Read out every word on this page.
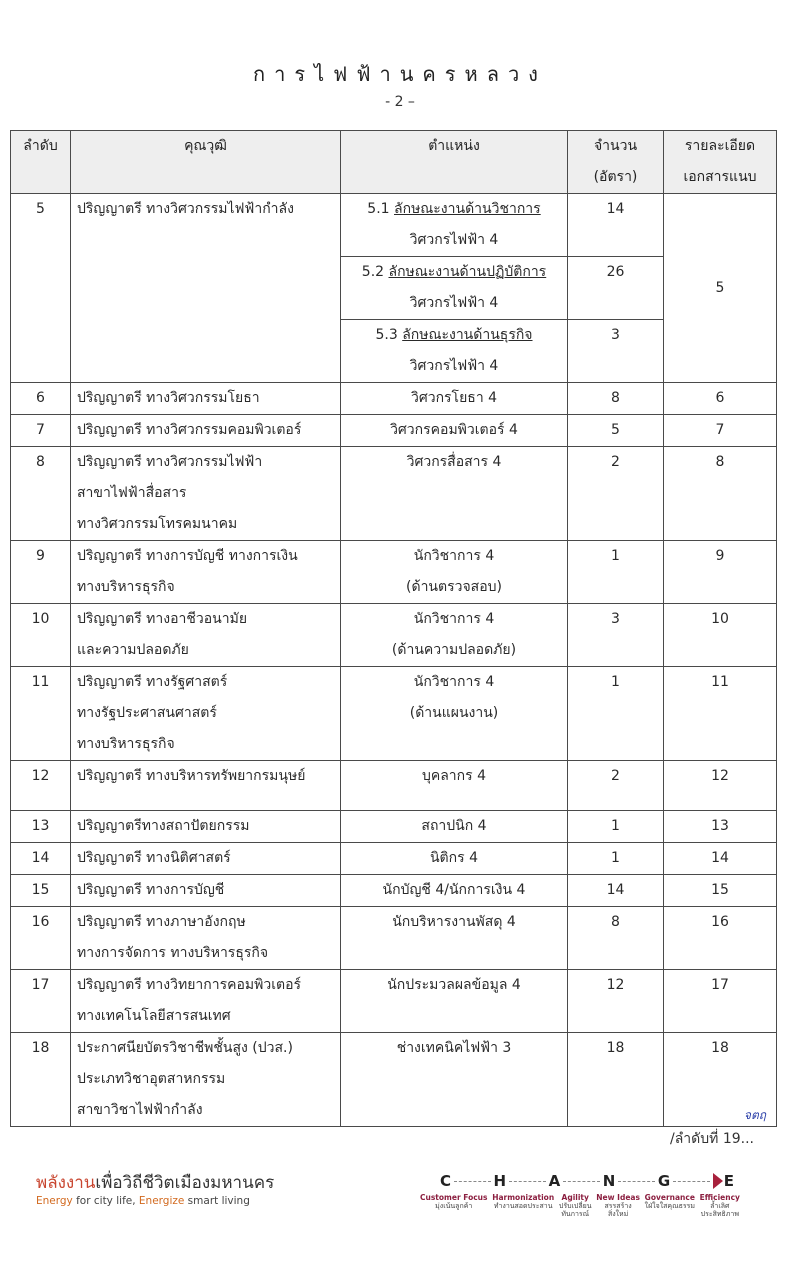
การไฟฟ้านครหลวง
- 2 –
ลำดับ	คุณวุฒิ	ตำแหน่ง	จำนวน
(อัตรา)	รายละเอียด
เอกสารแนบ

5	ปริญญาตรี ทางวิศวกรรมไฟฟ้ากำลัง	5.1 ลักษณะงานด้านวิชาการ
วิศวกรไฟฟ้า 4	14	5

		5.2 ลักษณะงานด้านปฏิบัติการ
วิศวกรไฟฟ้า 4	26	

		5.3 ลักษณะงานด้านธุรกิจ
วิศวกรไฟฟ้า 4	3	
6	ปริญญาตรี ทางวิศวกรรมโยธา	วิศวกรโยธา 4	8	6
7	ปริญญาตรี ทางวิศวกรรมคอมพิวเตอร์	วิศวกรคอมพิวเตอร์ 4	5	7
8	ปริญญาตรี ทางวิศวกรรมไฟฟ้า
สาขาไฟฟ้าสื่อสาร
ทางวิศวกรรมโทรคมนาคม	วิศวกรสื่อสาร 4	2	8
9	ปริญญาตรี ทางการบัญชี ทางการเงิน
ทางบริหารธุรกิจ	นักวิชาการ 4
(ด้านตรวจสอบ)	1	9
10	ปริญญาตรี ทางอาชีวอนามัย
และความปลอดภัย	นักวิชาการ 4
(ด้านความปลอดภัย)	3	10
11	ปริญญาตรี ทางรัฐศาสตร์
ทางรัฐประศาสนศาสตร์
ทางบริหารธุรกิจ	นักวิชาการ 4
(ด้านแผนงาน)	1	11
12	ปริญญาตรี ทางบริหารทรัพยากรมนุษย์	บุคลากร 4	2	12
13	ปริญญาตรีทางสถาปัตยกรรม	สถาปนิก 4	1	13
14	ปริญญาตรี ทางนิติศาสตร์	นิติกร 4	1	14
15	ปริญญาตรี ทางการบัญชี	นักบัญชี 4/นักการเงิน 4	14	15
16	ปริญญาตรี ทางภาษาอังกฤษ
ทางการจัดการ ทางบริหารธุรกิจ	นักบริหารงานพัสดุ 4	8	16
17	ปริญญาตรี ทางวิทยาการคอมพิวเตอร์
ทางเทคโนโลยีสารสนเทศ	นักประมวลผลข้อมูล 4	12	17
18	ประกาศนียบัตรวิชาชีพชั้นสูง (ปวส.)
ประเภทวิชาอุตสาหกรรม
สาขาวิชาไฟฟ้ากำลัง	ช่างเทคนิคไฟฟ้า 3	18	18
จตฤ
/ลำดับที่ 19...
พลังงานเพื่อวิถีชีวิตเมืองมหานคร
Energy for city life, Energize smart living
C	H	A	N	G	E
Customer Focus
มุ่งเน้นลูกค้า
Harmonization
ทำงานสอดประสาน
Agility
ปรับเปลี่ยน
ทันการณ์
New Ideas
สรรสร้าง
สิ่งใหม่
Governance
ใฝ่ใจใสคุณธรรม
Efficiency
ล้ำเลิศ
ประสิทธิภาพ
